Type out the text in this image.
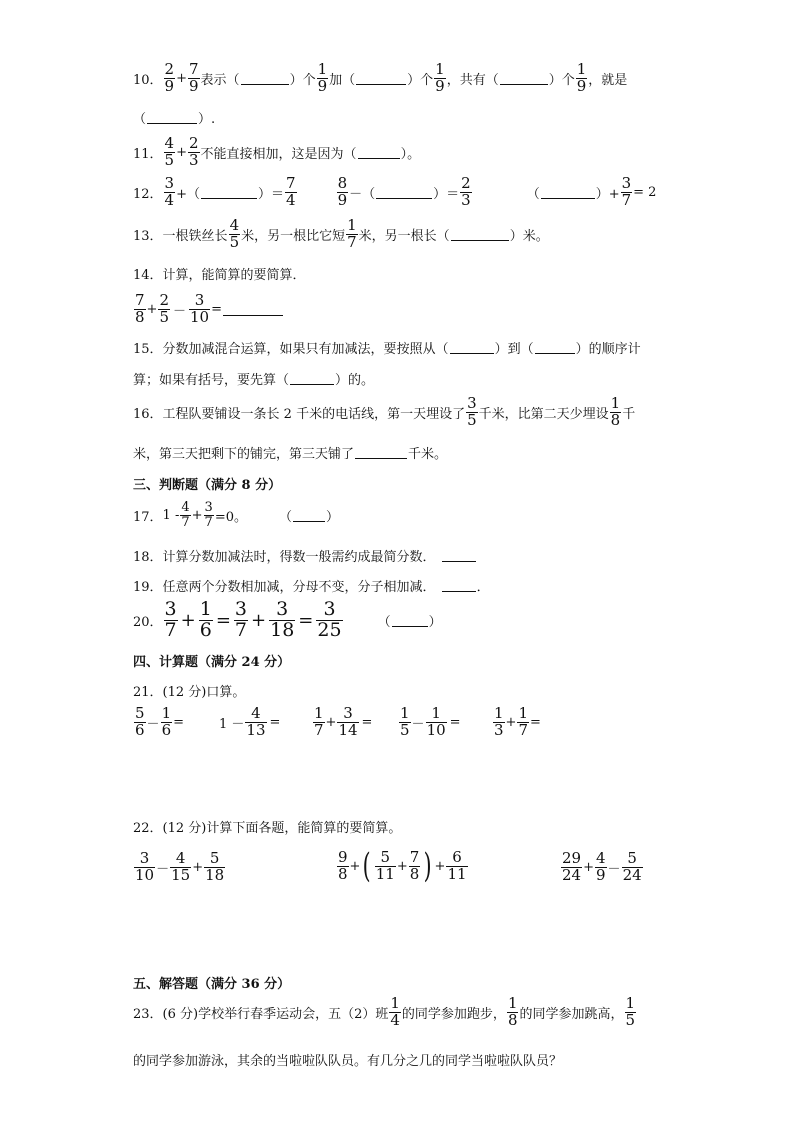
10．
2
$9 + \frac{7}{9}$ 表示（	）个
1
9 加（	）个
1
9 ，共有（	）个
1
9 ，就是
（	）.
11．
4
$5 + \frac{2}{3}$ 不能直接相加，这是因为（	）。
12．
3
4 +（	）＝
7
4
8
9 －（	）＝
2
3	（	）+ $\frac{3}{7} = 2$
13． 一根铁丝长
4
5 米，另一根比它短
1
7 米，另一根长（	）米。
14． 计算，能简算的要简算．
7
$8 + \frac{2}{5} - \frac{3}{10}$ =
15． 分数加减混合运算，如果只有加减法，要按照从（	）到（	）的顺序计
算；如果有括号，要先算（	）的。
16． 工程队要铺设一条长 2 千米的电话线，第一天埋设了
3
5 千米，比第二天少埋设
1
8 千
米，第三天把剩下的铺完，第三天铺了	千米。
三、判断题（满分 8 分）
17． 1 -
4
$7 + \frac{3}{7} =0$。 （	）
18． 计算分数加减法时，得数一般需约成最简分数．
19． 任意两个分数相加减，分母不变，分子相加减．	．
20．
3
$7 + \frac{1}{6} = \frac{3}{7} + \frac{3}{18} = \frac{3}{25}$	（	）
四、计算题（满分 24 分）
21． (12 分)口算。
5
$6 - \frac{1}{6}$ =	$1 - \frac{4}{13}$ =
1
$7 + \frac{3}{14}$ =
1
$5 - \frac{1}{10}$ =
1
$3 + \frac{1}{7}$ =
22． (12 分)计算下面各题，能简算的要简算。
3
10 －
4
$15 + \frac{5}{18}$	9
8 + ( 5
$11 + \frac{7}{8}$ ) + $\frac{6}{11}$	29
$24 + \frac{4}{9}$ －
5
24
五、解答题（满分 36 分）
23． (6 分)学校举行春季运动会，五（2）班
1
4 的同学参加跑步，
1
8 的同学参加跳高，
1
5
的同学参加游泳，其余的当啦啦队队员。有几分之几的同学当啦啦队队员？
